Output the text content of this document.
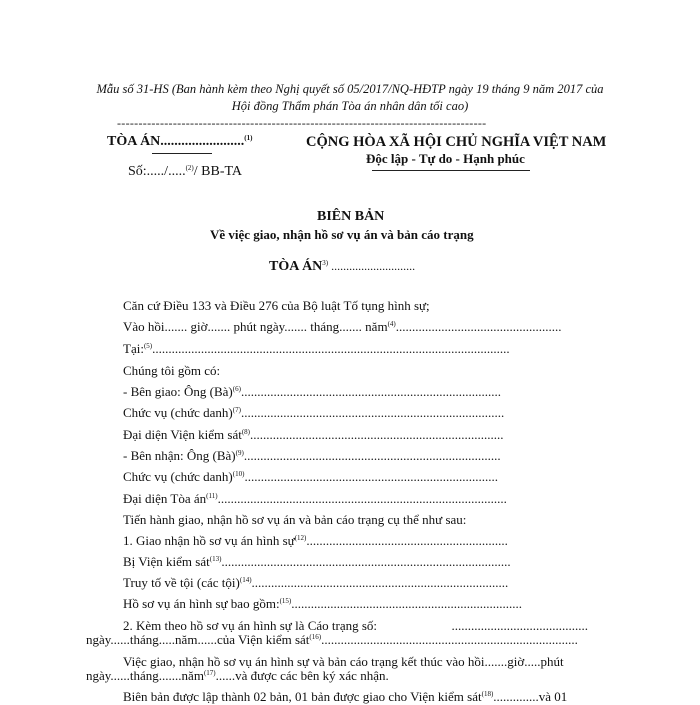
Mẫu số 31-HS (Ban hành kèm theo Nghị quyết số 05/2017/NQ-HĐTP ngày 19 tháng 9 năm 2017 của
Hội đồng Thẩm phán Tòa án nhân dân tối cao)
--------------------------------------------------------------------------------------
TÒA ÁN........................$^{(1)}$
Số:...../.....$^{(2)}$/ BB-TA
CỘNG HÒA XÃ HỘI CHỦ NGHĨA VIỆT NAM
Độc lập - Tự do - Hạnh phúc
BIÊN BẢN
Về việc giao, nhận hồ sơ vụ án và bản cáo trạng
TÒA ÁN$^{3)}$ ............................
Căn cứ Điều 133 và Điều 276 của Bộ luật Tố tụng hình sự;
Vào hồi....... giờ....... phút ngày....... tháng....... năm$^{(4)}$...................................................
Tại:$^{(5)}$..............................................................................................................
Chúng tôi gồm có:
- Bên giao: Ông (Bà)$^{(6)}$................................................................................
Chức vụ (chức danh)$^{(7)}$.................................................................................
Đại diện Viện kiểm sát$^{(8)}$..............................................................................
- Bên nhận: Ông (Bà)$^{(9)}$...............................................................................
Chức vụ (chức danh)$^{(10)}$..............................................................................
Đại diện Tòa $án^{(11)}$.........................................................................................
Tiến hành giao, nhận hồ sơ vụ án và bản cáo trạng cụ thể như sau:
1. Giao nhận hồ sơ vụ án hình sự$^{(12)}$..............................................................
Bị Viện kiểm sát$^{(13)}$.........................................................................................
Truy tố về tội (các tội)$^{(14)}$...............................................................................
Hồ sơ vụ án hình sự bao gồm:$^{(15)}$.......................................................................
2. Kèm theo hồ sơ vụ án hình sự là Cáo trạng số:	..........................................
ngày......tháng.....năm......của Viện kiểm sát$^{(16)}$...............................................................................
Việc giao, nhận hồ sơ vụ án hình sự và bản cáo trạng kết thúc vào hồi.......giờ.....phút
ngày......tháng.......năm$^{(17)}$......và được các bên ký xác nhận.
Biên bản được lập thành 02 bản, 01 bản được giao cho Viện kiểm sát$^{(18)}$..............và 01
